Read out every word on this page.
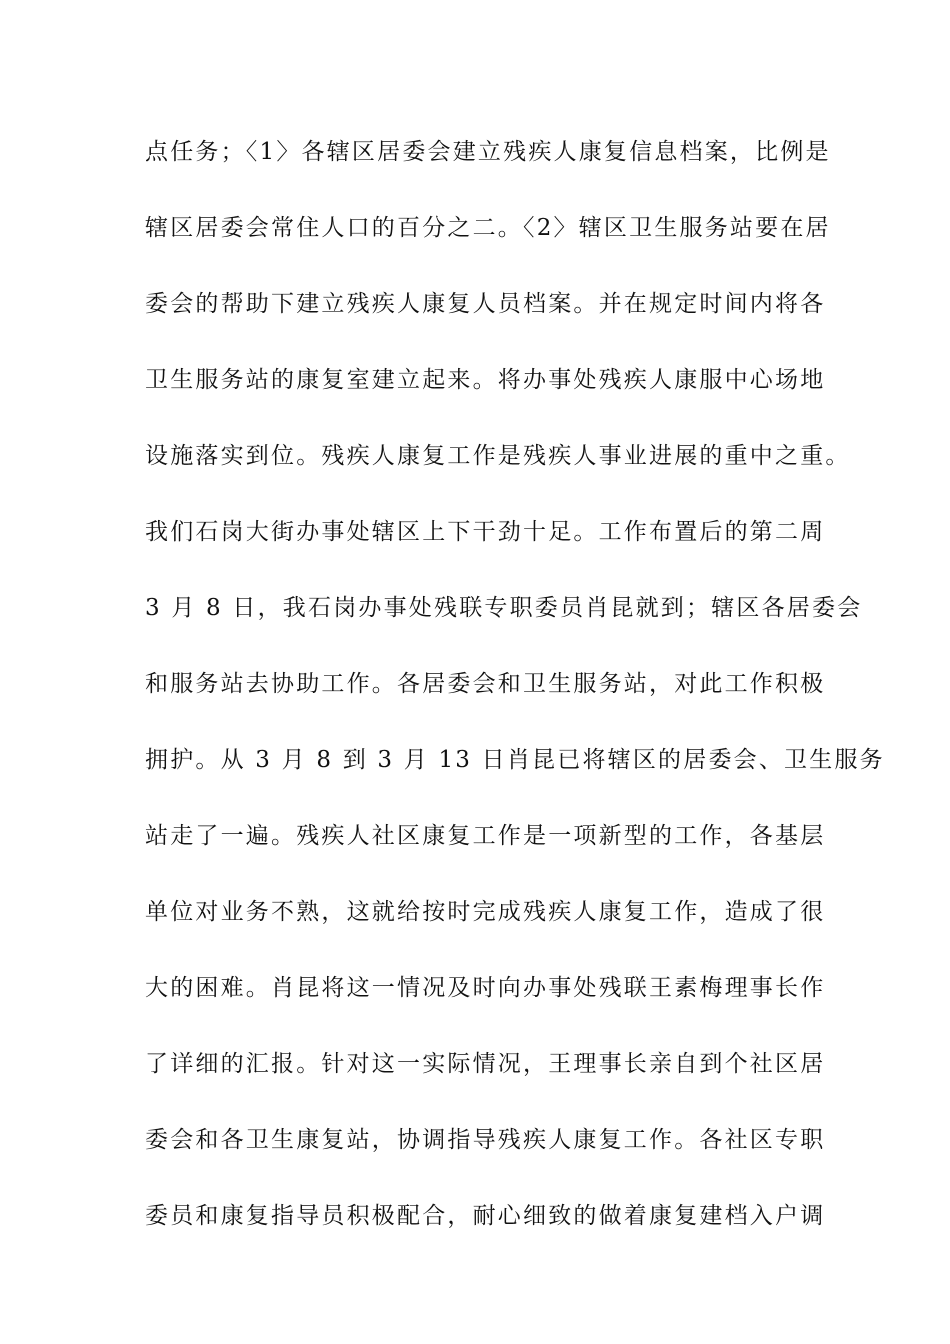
点任务；〈1〉各辖区居委会建立残疾人康复信息档案，比例是
辖区居委会常住人口的百分之二。〈2〉辖区卫生服务站要在居
委会的帮助下建立残疾人康复人员档案。并在规定时间内将各
卫生服务站的康复室建立起来。将办事处残疾人康服中心场地
设施落实到位。残疾人康复工作是残疾人事业进展的重中之重。
我们石岗大街办事处辖区上下干劲十足。工作布置后的第二周
3 月 8 日，我石岗办事处残联专职委员肖昆就到；辖区各居委会
和服务站去协助工作。各居委会和卫生服务站，对此工作积极
拥护。从 3 月 8 到 3 月 13 日肖昆已将辖区的居委会、卫生服务
站走了一遍。残疾人社区康复工作是一项新型的工作，各基层
单位对业务不熟，这就给按时完成残疾人康复工作，造成了很
大的困难。肖昆将这一情况及时向办事处残联王素梅理事长作
了详细的汇报。针对这一实际情况，王理事长亲自到个社区居
委会和各卫生康复站，协调指导残疾人康复工作。各社区专职
委员和康复指导员积极配合，耐心细致的做着康复建档入户调
